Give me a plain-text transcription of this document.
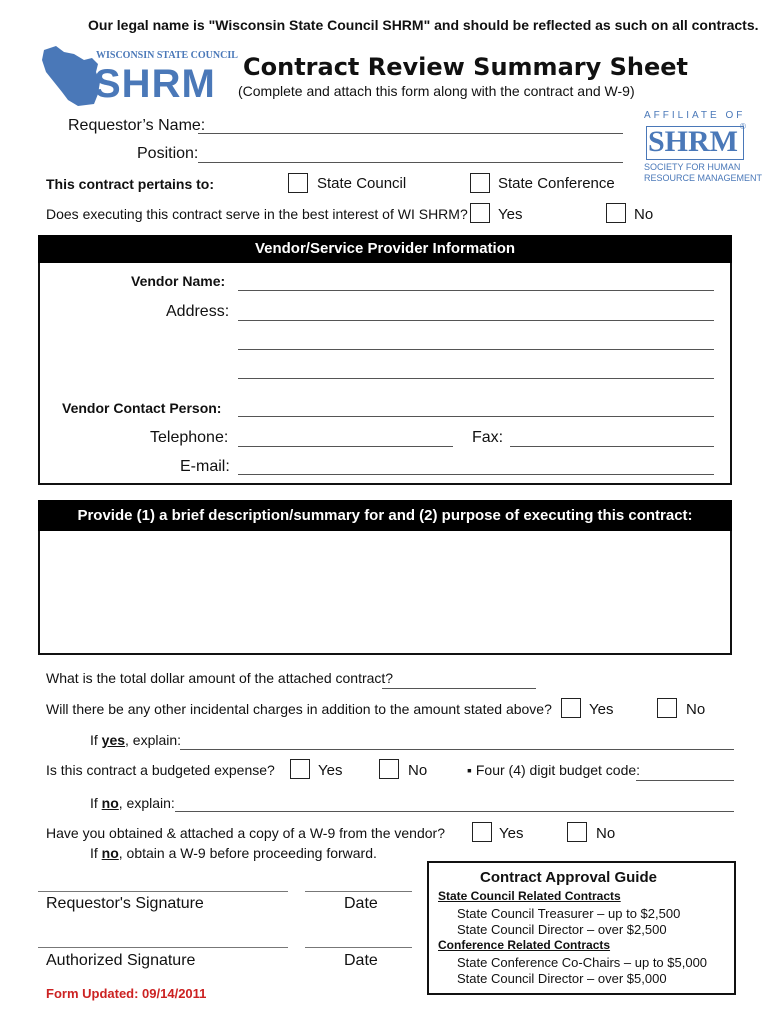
Our legal name is "Wisconsin State Council SHRM" and should be reflected as such on all contracts.
WISCONSIN STATE COUNCIL
SHRM Contract Review Summary Sheet
(Complete and attach this form along with the contract and W-9)
AFFILIATE OF
SHRM ®
SOCIETY FOR HUMAN
RESOURCE MANAGEMENT
Requestor’s Name:
Position:
This contract pertains to:	State Council	State Conference
Does executing this contract serve in the best interest of WI SHRM? Yes	No
Vendor/Service Provider Information
Vendor Name:
Address:
Vendor Contact Person:
Telephone:	Fax:
E-mail:
Provide (1) a brief description/summary for and (2) purpose of executing this contract:
What is the total dollar amount of the attached contract?
Will there be any other incidental charges in addition to the amount stated above? Yes	No
If yes, explain:
Is this contract a budgeted expense?	Yes	No	▪ Four (4) digit budget code:
If no, explain:
Have you obtained & attached a copy of a W-9 from the vendor?	Yes	No
If no, obtain a W-9 before proceeding forward.
Requestor's Signature	Date
Authorized Signature	Date
Form Updated: 09/14/2011
Contract Approval Guide
State Council Related Contracts
State Council Treasurer – up to $2,500
State Council Director – over $2,500
Conference Related Contracts
State Conference Co-Chairs – up to $5,000
State Council Director – over $5,000
